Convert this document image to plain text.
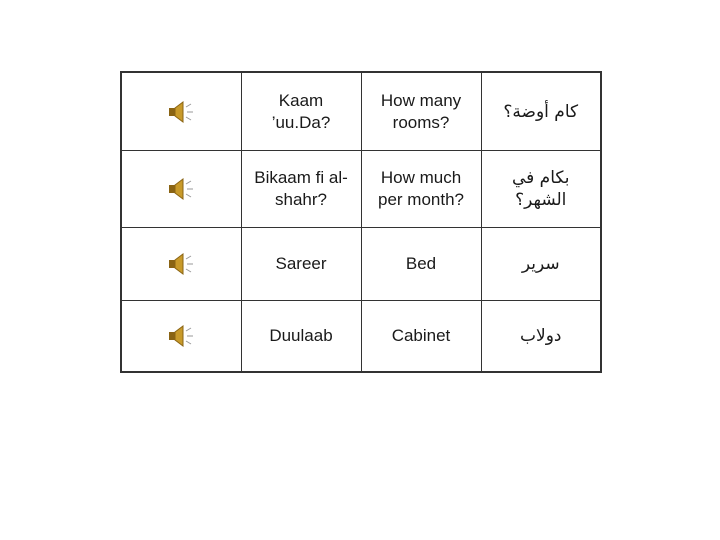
	Kaam ’uu.Da?	How many rooms?	كام أوضة؟

	Bikaam fi al-shahr?	How much per month?	بكام في الشهر؟

	Sareer	Bed	سرير

	Duulaab	Cabinet	دولاب
